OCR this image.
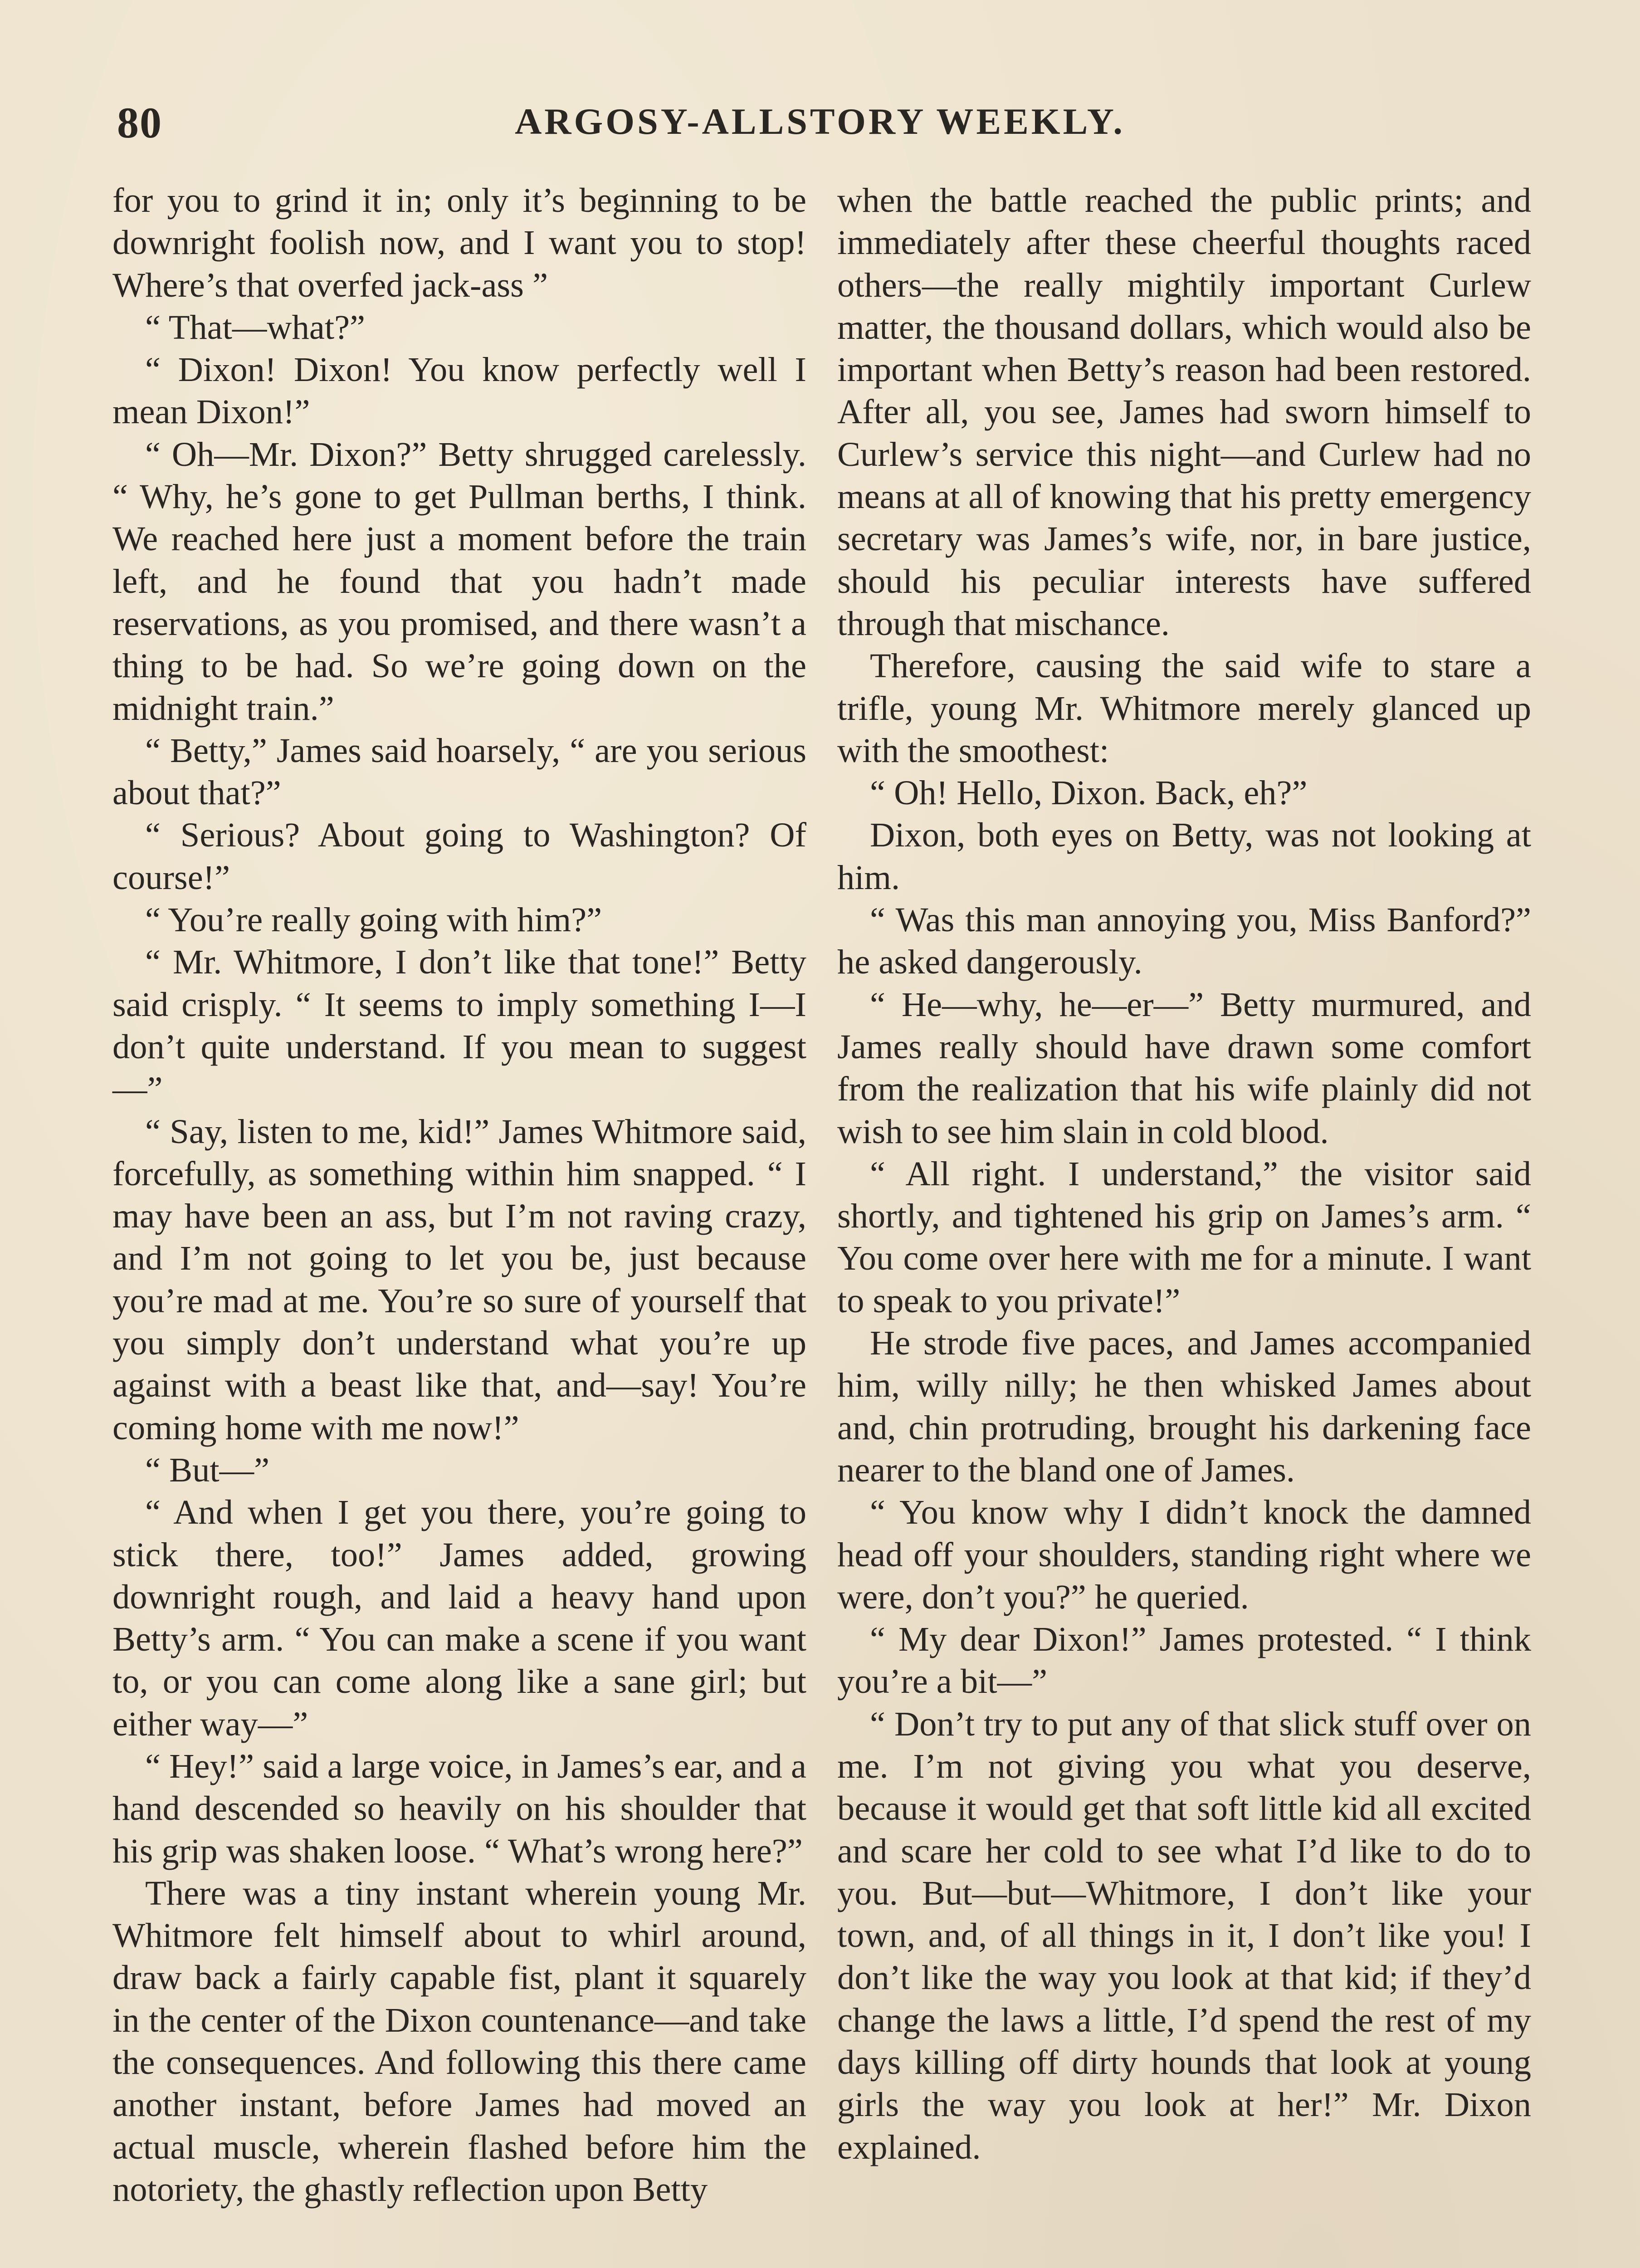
80	ARGOSY-ALLSTORY WEEKLY.

for you to grind it in; only it’s beginning to be downright foolish now, and I want you to stop! Where’s that overfed jack-ass ”

“ That—what?”

“ Dixon! Dixon! You know perfectly well I mean Dixon!”

“ Oh—Mr. Dixon?” Betty shrugged carelessly. “ Why, he’s gone to get Pullman berths, I think. We reached here just a moment before the train left, and he found that you hadn’t made reservations, as you promised, and there wasn’t a thing to be had. So we’re going down on the midnight train.”

“ Betty,” James said hoarsely, “ are you serious about that?”

“ Serious? About going to Washington? Of course!”

“ You’re really going with him?”

“ Mr. Whitmore, I don’t like that tone!” Betty said crisply. “ It seems to imply something I—I don’t quite understand. If you mean to suggest—”

“ Say, listen to me, kid!” James Whitmore said, forcefully, as something within him snapped. “ I may have been an ass, but I’m not raving crazy, and I’m not going to let you be, just because you’re mad at me. You’re so sure of yourself that you simply don’t understand what you’re up against with a beast like that, and—say! You’re coming home with me now!”

“ But—”

“ And when I get you there, you’re going to stick there, too!” James added, growing downright rough, and laid a heavy hand upon Betty’s arm. “ You can make a scene if you want to, or you can come along like a sane girl; but either way—”

“ Hey!” said a large voice, in James’s ear, and a hand descended so heavily on his shoulder that his grip was shaken loose. “ What’s wrong here?”

There was a tiny instant wherein young Mr. Whitmore felt himself about to whirl around, draw back a fairly capable fist, plant it squarely in the center of the Dixon countenance—and take the consequences. And following this there came another instant, before James had moved an actual muscle, wherein flashed before him the notoriety, the ghastly reflection upon Betty

when the battle reached the public prints; and immediately after these cheerful thoughts raced others—the really mightily important Curlew matter, the thousand dollars, which would also be important when Betty’s reason had been restored. After all, you see, James had sworn himself to Curlew’s service this night—and Curlew had no means at all of knowing that his pretty emergency secretary was James’s wife, nor, in bare justice, should his peculiar interests have suffered through that mischance.

Therefore, causing the said wife to stare a trifle, young Mr. Whitmore merely glanced up with the smoothest:

“ Oh! Hello, Dixon. Back, eh?”

Dixon, both eyes on Betty, was not looking at him.

“ Was this man annoying you, Miss Banford?” he asked dangerously.

“ He—why, he—er—” Betty murmured, and James really should have drawn some comfort from the realization that his wife plainly did not wish to see him slain in cold blood.

“ All right. I understand,” the visitor said shortly, and tightened his grip on James’s arm. “ You come over here with me for a minute. I want to speak to you private!”

He strode five paces, and James accompanied him, willy nilly; he then whisked James about and, chin protruding, brought his darkening face nearer to the bland one of James.

“ You know why I didn’t knock the damned head off your shoulders, standing right where we were, don’t you?” he queried.

“ My dear Dixon!” James protested. “ I think you’re a bit—”

“ Don’t try to put any of that slick stuff over on me. I’m not giving you what you deserve, because it would get that soft little kid all excited and scare her cold to see what I’d like to do to you. But—but—Whitmore, I don’t like your town, and, of all things in it, I don’t like you! I don’t like the way you look at that kid; if they’d change the laws a little, I’d spend the rest of my days killing off dirty hounds that look at young girls the way you look at her!” Mr. Dixon explained.
